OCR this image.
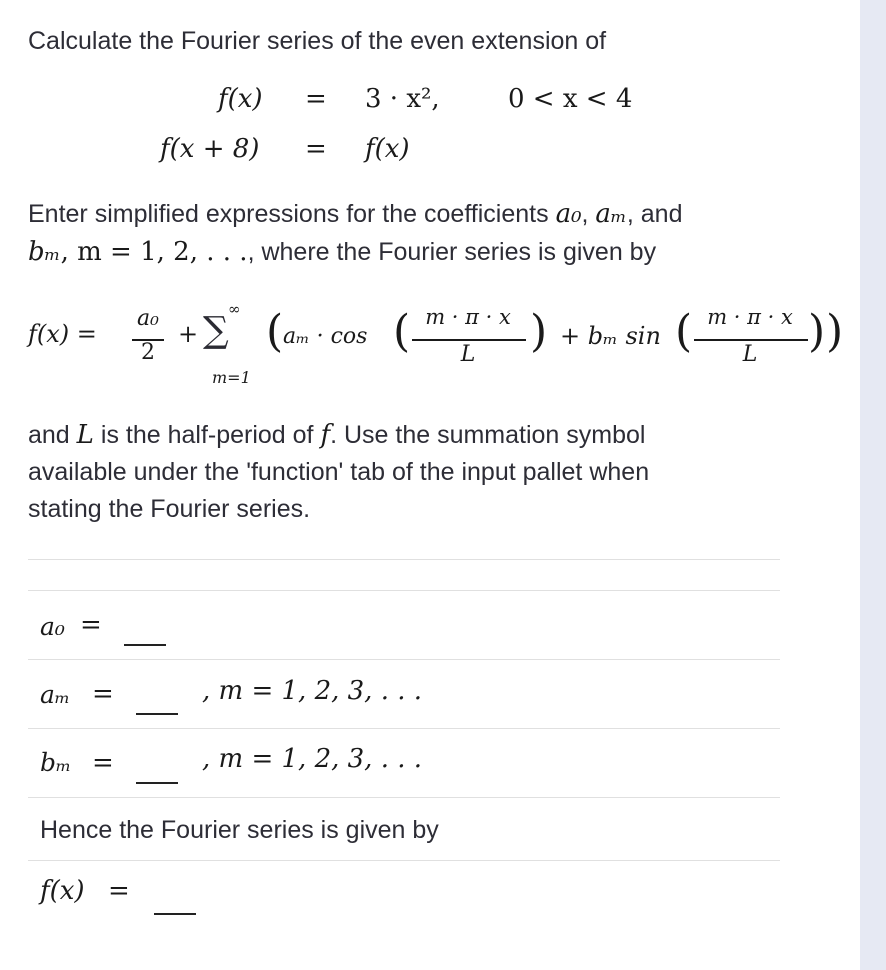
Calculate the Fourier series of the even extension of
f(x) = 3 · x²,	0 < x < 4
f(x + 8) = f(x)
Enter simplified expressions for the coefficients a₀, aₘ, and
bₘ, m = 1, 2, . . ., where the Fourier series is given by
f(x) =
a₀
2
+
∞
∑
m=1
( aₘ · cos ( m · π · x
L	) + bₘ sin ( m · π · x
L	) )
and L is the half-period of f. Use the summation symbol
available under the 'function' tab of the input pallet when
stating the Fourier series.
a₀ =
aₘ =	, m = 1, 2, 3, . . .
bₘ =	, m = 1, 2, 3, . . .
Hence the Fourier series is given by
f(x) =
